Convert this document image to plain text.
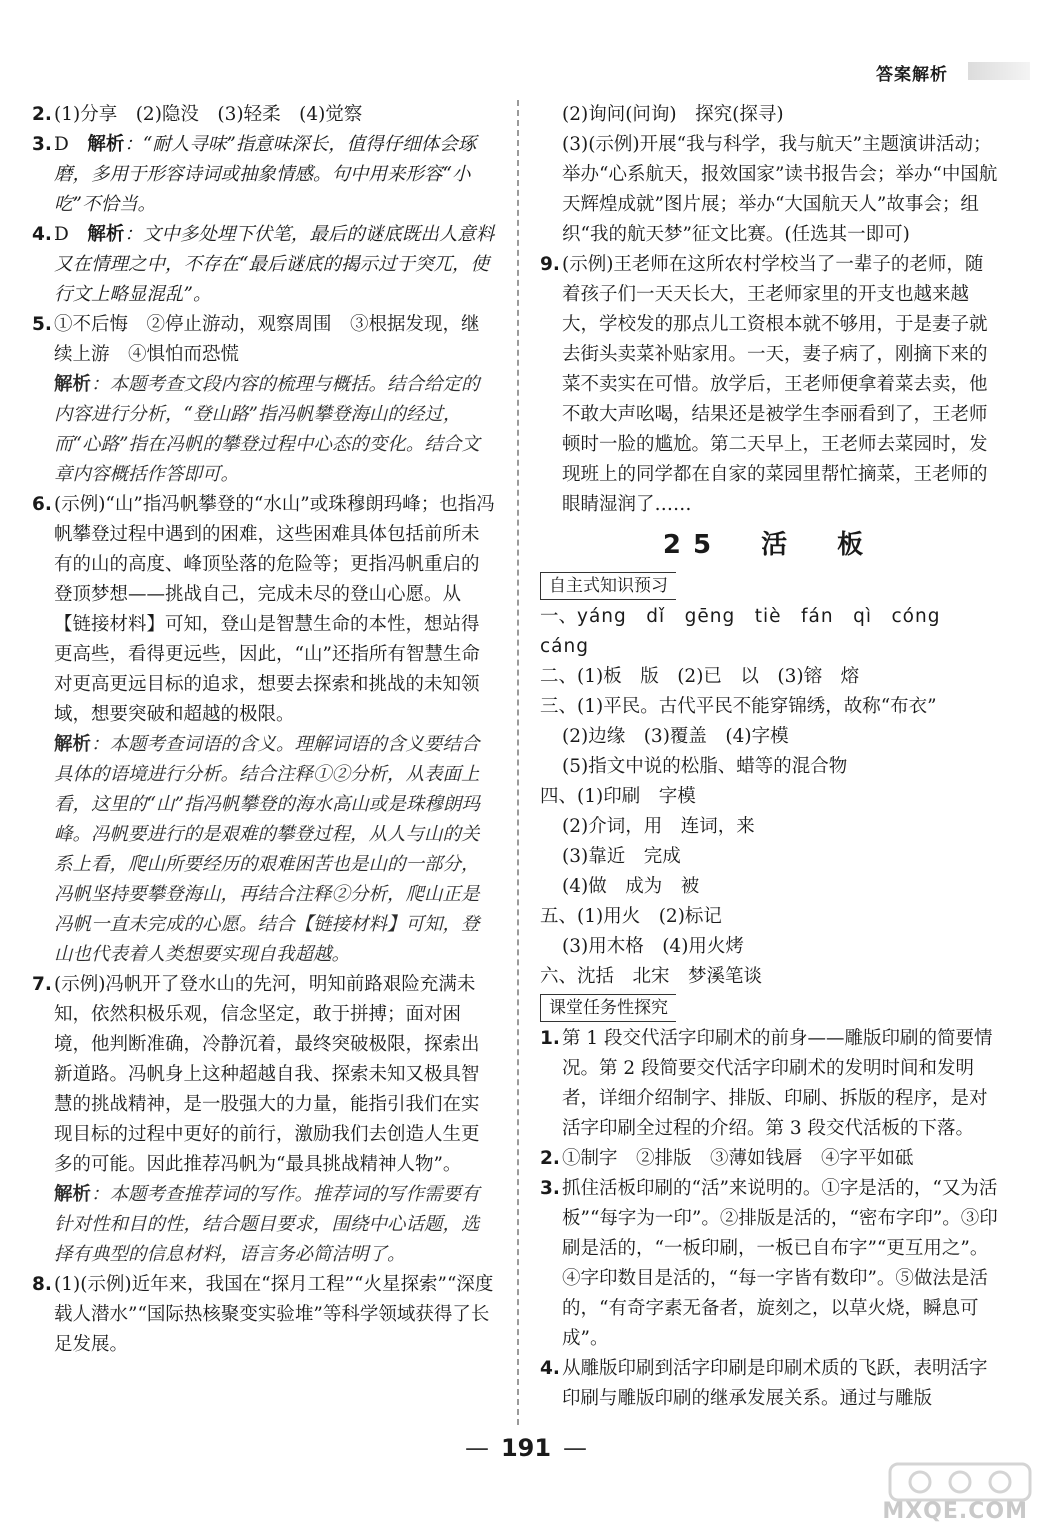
答案解析
2. (1)分享　(2)隐没　(3)轻柔　(4)觉察
3. D　解析：“耐人寻味”指意味深长，值得仔细体会琢磨，多用于形容诗词或抽象情感。句中用来形容“小吃”不恰当。
4. D　解析：文中多处埋下伏笔，最后的谜底既出人意料又在情理之中，不存在“最后谜底的揭示过于突兀，使行文上略显混乱”。
5. ①不后悔　②停止游动，观察周围　③根据发现，继续上游　④惧怕而恐慌

解析：本题考查文段内容的梳理与概括。结合给定的内容进行分析，“登山路”指冯帆攀登海山的经过，而“心路”指在冯帆的攀登过程中心态的变化。结合文章内容概括作答即可。

6. (示例)“山”指冯帆攀登的“水山”或珠穆朗玛峰；也指冯帆攀登过程中遇到的困难，这些困难具体包括前所未有的山的高度、峰顶坠落的危险等；更指冯帆重启的登顶梦想——挑战自己，完成未尽的登山心愿。从【链接材料】可知，登山是智慧生命的本性，想站得更高些，看得更远些，因此，“山”还指所有智慧生命对更高更远目标的追求，想要去探索和挑战的未知领域，想要突破和超越的极限。

解析：本题考查词语的含义。理解词语的含义要结合具体的语境进行分析。结合注释①②分析，从表面上看，这里的“山”指冯帆攀登的海水高山或是珠穆朗玛峰。冯帆要进行的是艰难的攀登过程，从人与山的关系上看，爬山所要经历的艰难困苦也是山的一部分，冯帆坚持要攀登海山，再结合注释②分析，爬山正是冯帆一直未完成的心愿。结合【链接材料】可知，登山也代表着人类想要实现自我超越。

7. (示例)冯帆开了登水山的先河，明知前路艰险充满未知，依然积极乐观，信念坚定，敢于拼搏；面对困境，他判断准确，冷静沉着，最终突破极限，探索出新道路。冯帆身上这种超越自我、探索未知又极具智慧的挑战精神，是一股强大的力量，能指引我们在实现目标的过程中更好的前行，激励我们去创造人生更多的可能。因此推荐冯帆为“最具挑战精神人物”。

解析：本题考查推荐词的写作。推荐词的写作需要有针对性和目的性，结合题目要求，围绕中心话题，选择有典型的信息材料，语言务必简洁明了。

8. (1)(示例)近年来，我国在“探月工程”“火星探索”“深度载人潜水”“国际热核聚变实验堆”等科学领域获得了长足发展。

(2)询问(问询)　探究(探寻)

(3)(示例)开展“我与科学，我与航天”主题演讲活动；举办“心系航天，报效国家”读书报告会；举办“中国航天辉煌成就”图片展；举办“大国航天人”故事会；组织“我的航天梦”征文比赛。(任选其一即可)

9. (示例)王老师在这所农村学校当了一辈子的老师，随着孩子们一天天长大，王老师家里的开支也越来越大，学校发的那点儿工资根本就不够用，于是妻子就去街头卖菜补贴家用。一天，妻子病了，刚摘下来的菜不卖实在可惜。放学后，王老师便拿着菜去卖，他不敢大声吆喝，结果还是被学生李丽看到了，王老师顿时一脸的尴尬。第二天早上，王老师去菜园时，发现班上的同学都在自家的菜园里帮忙摘菜，王老师的眼睛湿润了……
25　活　板
自主式知识预习

一、yáng　dǐ　gēng　tiè　fán　qì　cóng　cáng

二、(1)板　版　(2)已　以　(3)镕　熔

三、(1)平民。古代平民不能穿锦绣，故称“布衣”

(2)边缘　(3)覆盖　(4)字模

(5)指文中说的松脂、蜡等的混合物

四、(1)印刷　字模

(2)介词，用　连词，来

(3)靠近　完成

(4)做　成为　被

五、(1)用火　(2)标记

(3)用木格　(4)用火烤

六、沈括　北宋　梦溪笔谈

课堂任务性探究
1. 第 1 段交代活字印刷术的前身——雕版印刷的简要情况。第 2 段简要交代活字印刷术的发明时间和发明者，详细介绍制字、排版、印刷、拆版的程序，是对活字印刷全过程的介绍。第 3 段交代活板的下落。
2. ①制字　②排版　③薄如钱唇　④字平如砥
3. 抓住活板印刷的“活”来说明的。①字是活的，“又为活板”“每字为一印”。②排版是活的，“密布字印”。③印刷是活的，“一板印刷，一板已自布字”“更互用之”。④字印数目是活的，“每一字皆有数印”。⑤做法是活的，“有奇字素无备者，旋刻之，以草火烧，瞬息可成”。
4. 从雕版印刷到活字印刷是印刷术质的飞跃，表明活字印刷与雕版印刷的继承发展关系。通过与雕版
— 191 —
MXQE.COM
